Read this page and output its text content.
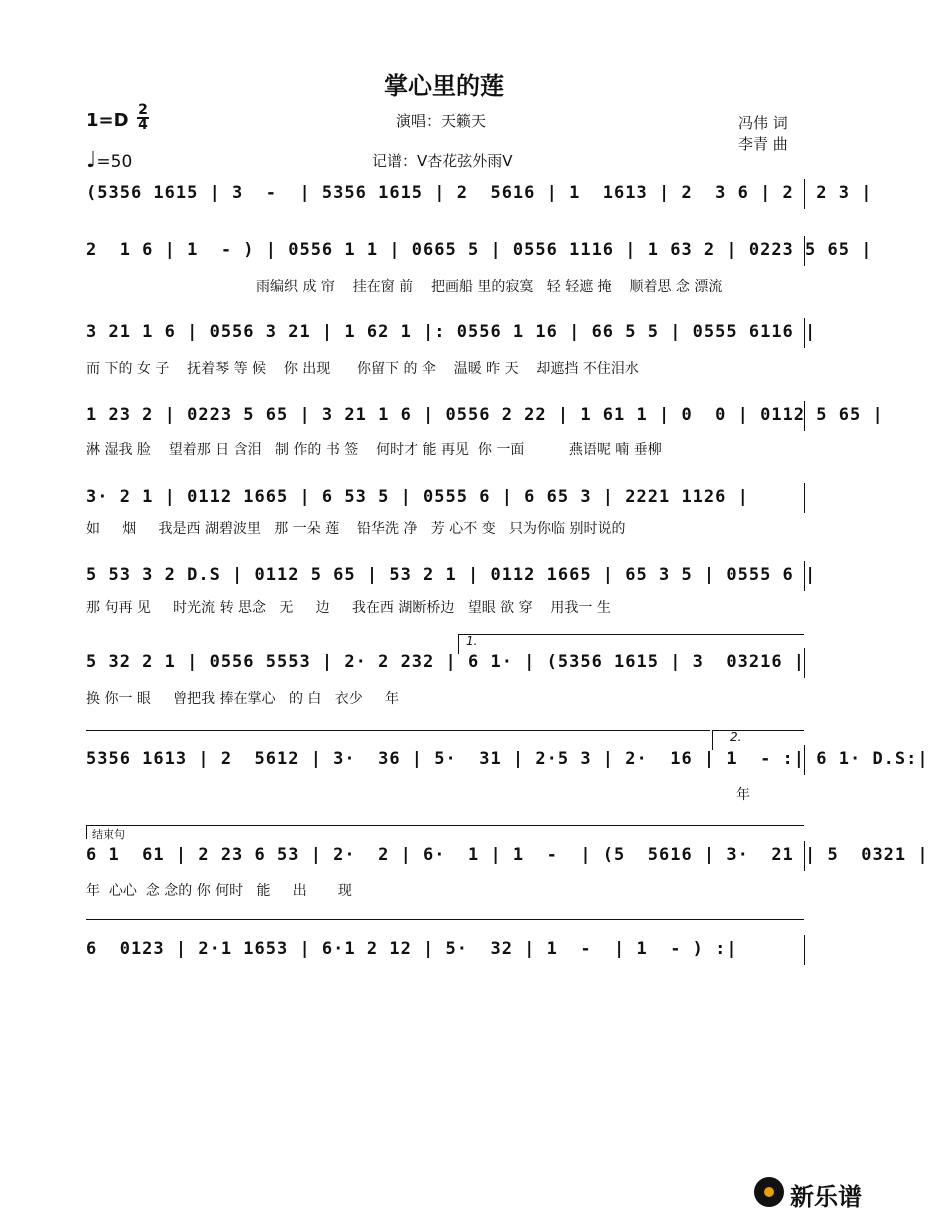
掌心里的莲
演唱：天籁天
记谱：V杏花弦外雨V
冯伟 词
李青 曲
1=D 2
4
♩=50
(5356 1615 | 3  -  | 5356 1615 | 2  5616 | 1  1613 | 2  3 6 | 2  2 3 |
2  1 6 | 1  - ) | 0556 1 1 | 0665 5 | 0556 1116 | 1 63 2 | 0223 5 65 |
雨编织 成 帘    挂在窗 前    把画船 里的寂寞   轻 轻遮 掩    顺着思 念 漂流
3 21 1 6 | 0556 3 21 | 1 62 1 |: 0556 1 16 | 66 5 5 | 0555 6116 |
而 下的 女 子    抚着琴 等 候    你 出现      你留下 的 伞    温暖 昨 天    却遮挡 不住泪水
1 23 2 | 0223 5 65 | 3 21 1 6 | 0556 2 22 | 1 61 1 | 0  0 | 0112 5 65 |
淋 湿我 脸    望着那 日 含泪   制 作的 书 签    何时才 能 再见  你 一面          燕语呢 喃 垂柳
3· 2 1 | 0112 1665 | 6 53 5 | 0555 6 | 6 65 3 | 2221 1126 |
如     烟     我是西 湖碧波里   那 一朵 莲    铅华洗 净   芳 心不 变   只为你临 别时说的
5 53 3 2 D.S | 0112 5 65 | 53 2 1 | 0112 1665 | 65 3 5 | 0555 6 |
那 句再 见     时光流 转 思念   无     边     我在西 湖断桥边   望眼 欲 穿    用我一 生
5 32 2 1 | 0556 5553 | 2· 2 232 | 6 1· | (5356 1615 | 3  03216 |
换 你一 眼     曾把我 捧在掌心   的 白   衣少     年
5356 1613 | 2  5612 | 3·  36 | 5·  31 | 2·5 3 | 2·  16 | 1  - :| 6 1· D.S:|
年
6 1  61 | 2 23 6 53 | 2·  2 | 6·  1 | 1  -  | (5  5616 | 3·  21 | 5  0321 |
年  心心  念 念的 你 何时   能     出       现
6  0123 | 2·1 1653 | 6·1 2 12 | 5·  32 | 1  -  | 1  - ) :|
1.
2.
结束句
新乐谱
